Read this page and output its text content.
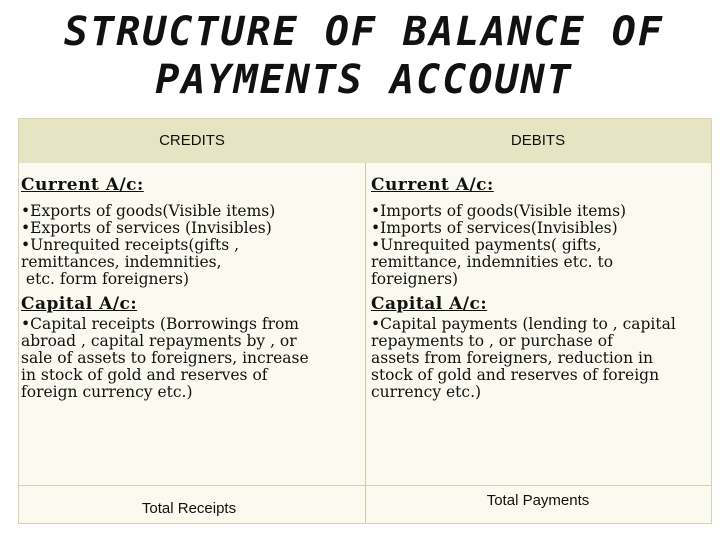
STRUCTURE OF BALANCE OF
PAYMENTS ACCOUNT
CREDITS	DEBITS

Current A/c:

•Exports of goods(Visible items)

•Exports of services (Invisibles)

•Unrequited receipts(gifts ,

remittances, indemnities,

etc. form foreigners)

Capital A/c:

•Capital receipts (Borrowings from

abroad , capital repayments by , or

sale of assets to foreigners, increase

in stock of gold and reserves of

foreign currency etc.)

Current A/c:

•Imports of goods(Visible items)

•Imports of services(Invisibles)

•Unrequited payments( gifts,

remittance, indemnities etc. to

foreigners)

Capital A/c:

•Capital payments (lending to , capital

repayments to , or purchase of

assets from foreigners, reduction in

stock of gold and reserves of foreign

currency etc.)

Total Receipts	Total Payments
